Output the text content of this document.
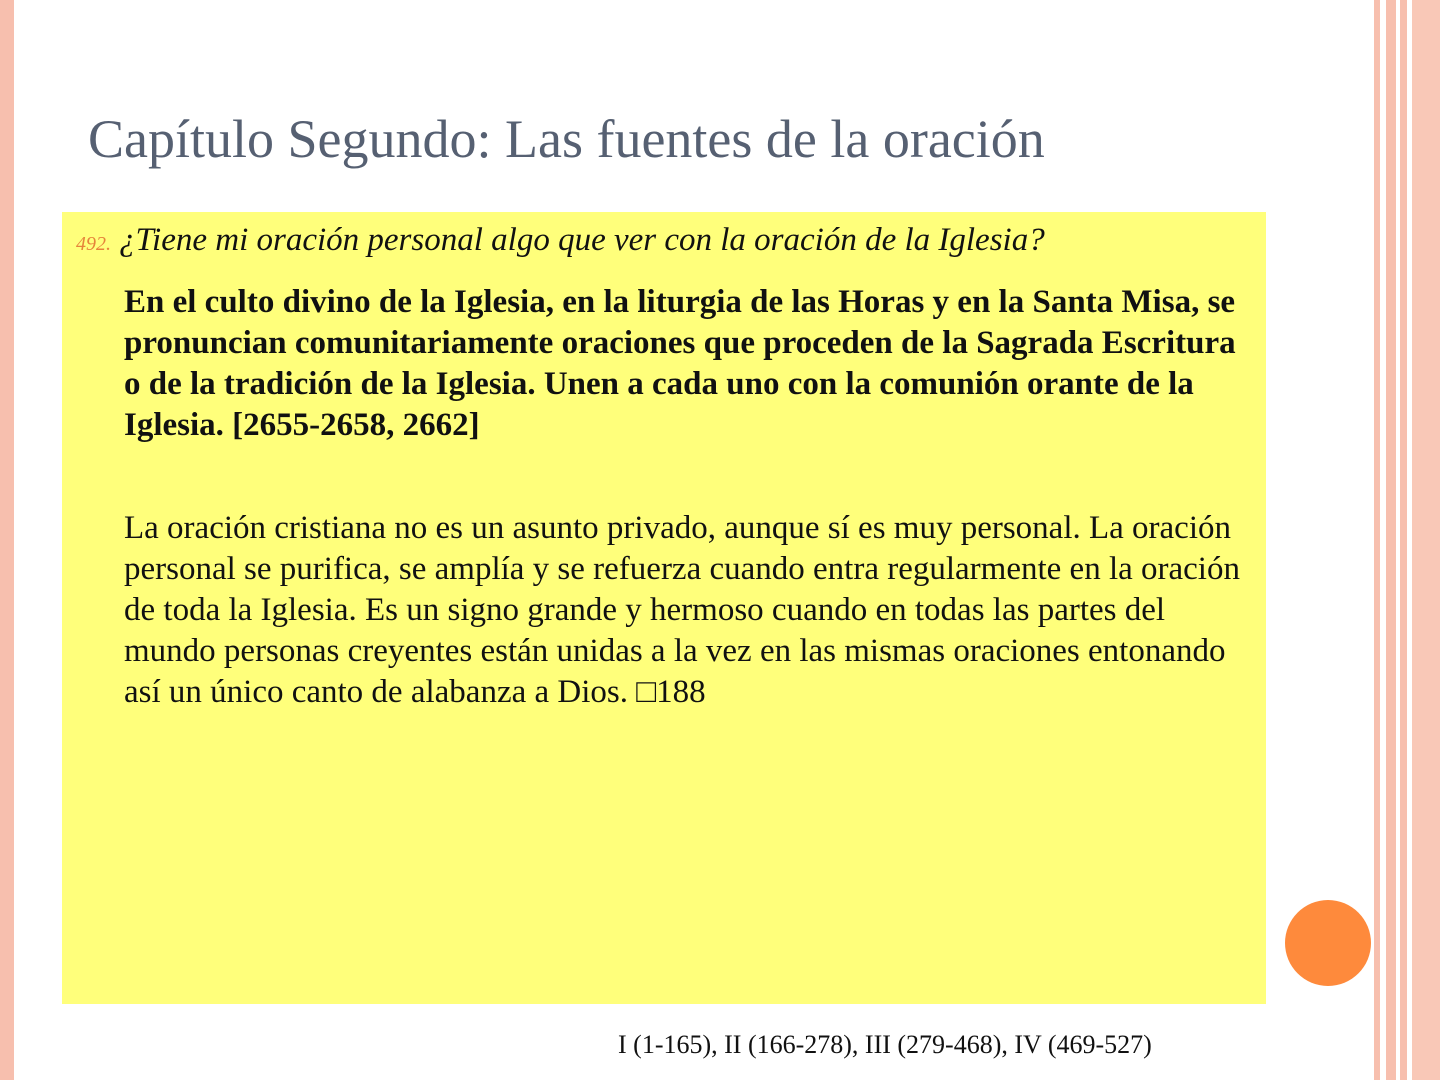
Capítulo Segundo: Las fuentes de la oración
492. ¿Tiene mi oración personal algo que ver con la oración de la Iglesia?

En el culto divino de la Iglesia, en la liturgia de las Horas y en la Santa Misa, se pronuncian comunitariamente oraciones que proceden de la Sagrada Escritura o de la tradición de la Iglesia. Unen a cada uno con la comunión orante de la Iglesia. [2655-2658, 2662]

La oración cristiana no es un asunto privado, aunque sí es muy personal. La oración personal se purifica, se amplía y se refuerza cuando entra regularmente en la oración de toda la Iglesia. Es un signo grande y hermoso cuando en todas las partes del mundo personas creyentes están unidas a la vez en las mismas oraciones entonando así un único canto de alabanza a Dios. □188

I (1-165), II (166-278), III (279-468), IV (469-527)
